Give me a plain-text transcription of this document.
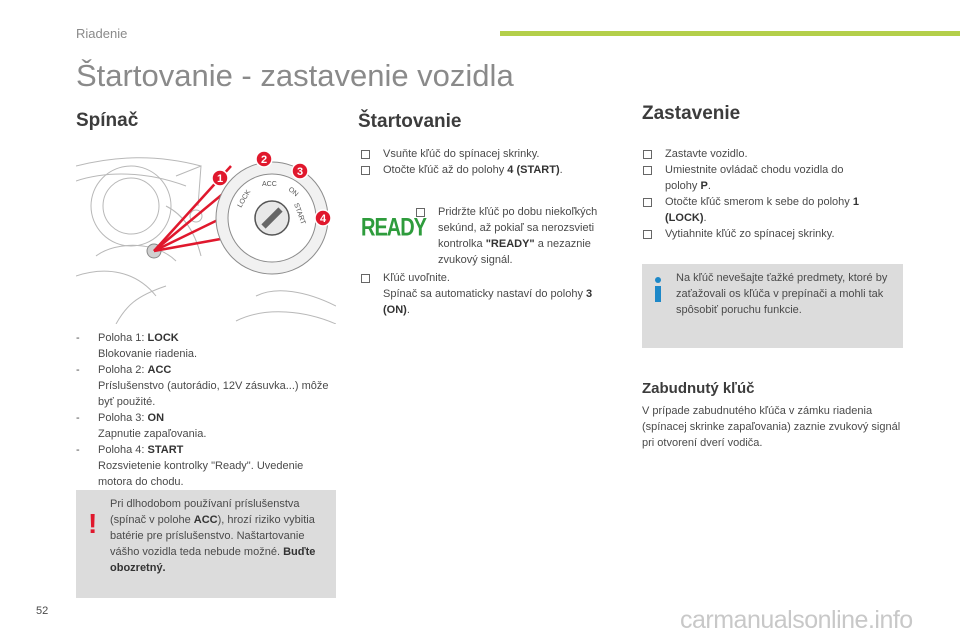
Riadenie
Štartovanie - zastavenie vozidla
Spínač
LOCK
ACC
ON
START
1
2
3
4
- Poloha 1: LOCK
Blokovanie riadenia.
- Poloha 2: ACC
Príslušenstvo (autorádio, 12V zásuvka...) môže byť použité.
- Poloha 3: ON
Zapnutie zapaľovania.
- Poloha 4: START
Rozsvietenie kontrolky "Ready". Uvedenie motora do chodu.
!
Pri dlhodobom používaní príslušenstva (spínač v polohe ACC), hrozí riziko vybitia batérie pre príslušenstvo. Naštartovanie vášho vozidla teda nebude možné. Buďte obozretný.
Štartovanie
Vsuňte kľúč do spínacej skrinky.
Otočte kľúč až do polohy 4 (START).
READY
Pridržte kľúč po dobu niekoľkých sekúnd, až pokiaľ sa nerozsvieti kontrolka "READY" a nezaznie zvukový signál.
Kľúč uvoľnite.
Spínač sa automaticky nastaví do polohy 3 (ON).
Zastavenie
Zastavte vozidlo.
Umiestnite ovládač chodu vozidla do polohy P.
Otočte kľúč smerom k sebe do polohy 1 (LOCK).
Vytiahnite kľúč zo spínacej skrinky.
Na kľúč nevešajte ťažké predmety, ktoré by zaťažovali os kľúča v prepínači a mohli tak spôsobiť poruchu funkcie.
Zabudnutý kľúč
V prípade zabudnutého kľúča v zámku riadenia (spínacej skrinke zapaľovania) zaznie zvukový signál pri otvorení dverí vodiča.
52	carmanualsonline.info
